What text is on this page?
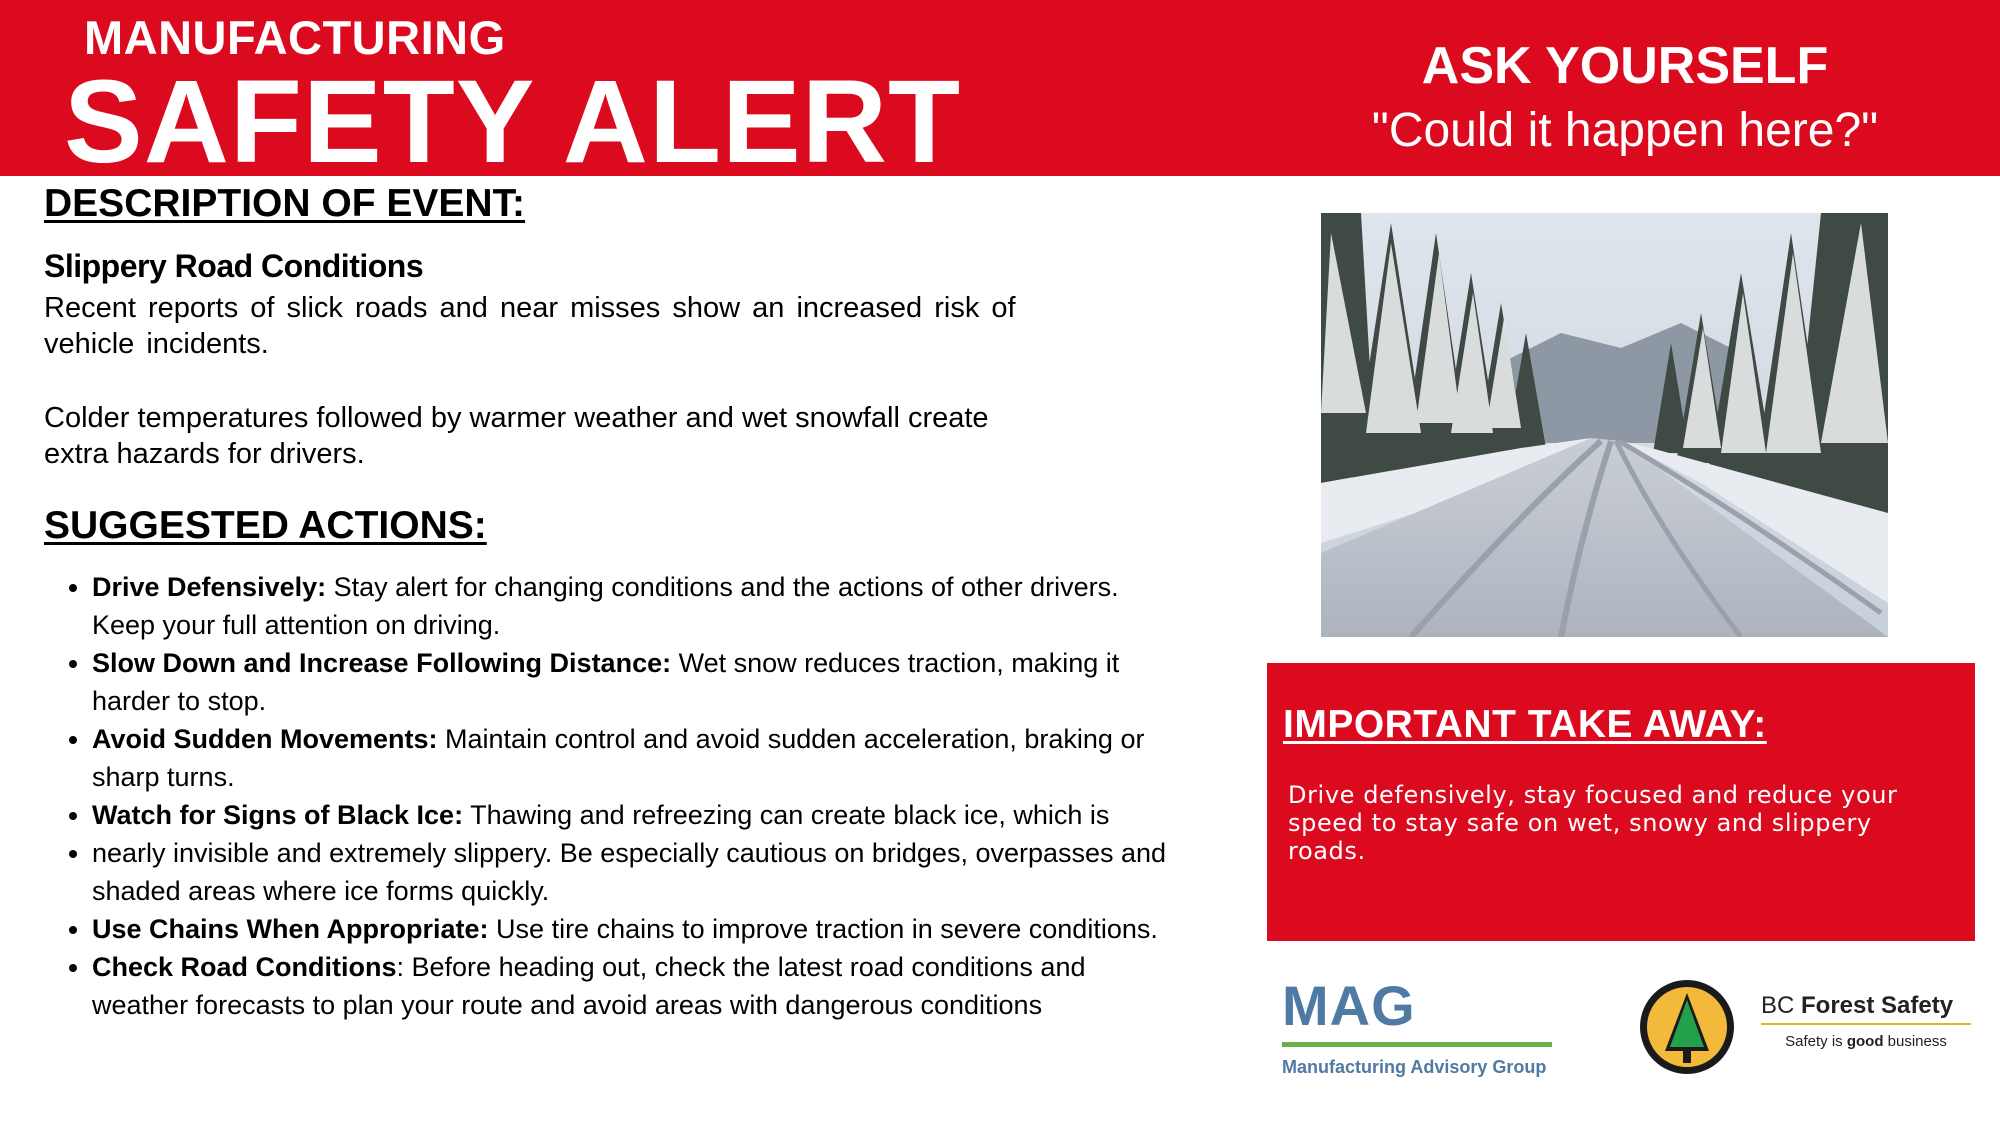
MANUFACTURING
SAFETY ALERT	ASK YOURSELF
"Could it happen here?"
DESCRIPTION OF EVENT:
Slippery Road Conditions
Recent reports of slick roads and near misses show an increased risk of vehicle incidents.
Colder temperatures followed by warmer weather and wet snowfall create extra hazards for drivers.
SUGGESTED ACTIONS:
• Drive Defensively: Stay alert for changing conditions and the actions of other drivers. Keep your full attention on driving.
• Slow Down and Increase Following Distance: Wet snow reduces traction, making it harder to stop.
• Avoid Sudden Movements: Maintain control and avoid sudden acceleration, braking or sharp turns.
• Watch for Signs of Black Ice: Thawing and refreezing can create black ice, which is
• nearly invisible and extremely slippery. Be especially cautious on bridges, overpasses and shaded areas where ice forms quickly.
• Use Chains When Appropriate: Use tire chains to improve traction in severe conditions.
• Check Road Conditions: Before heading out, check the latest road conditions and weather forecasts to plan your route and avoid areas with dangerous conditions
IMPORTANT TAKE AWAY:
Drive defensively, stay focused and reduce your speed to stay safe on wet, snowy and slippery roads.
MAG
Manufacturing Advisory Group
BC Forest Safety
Safety is good business
